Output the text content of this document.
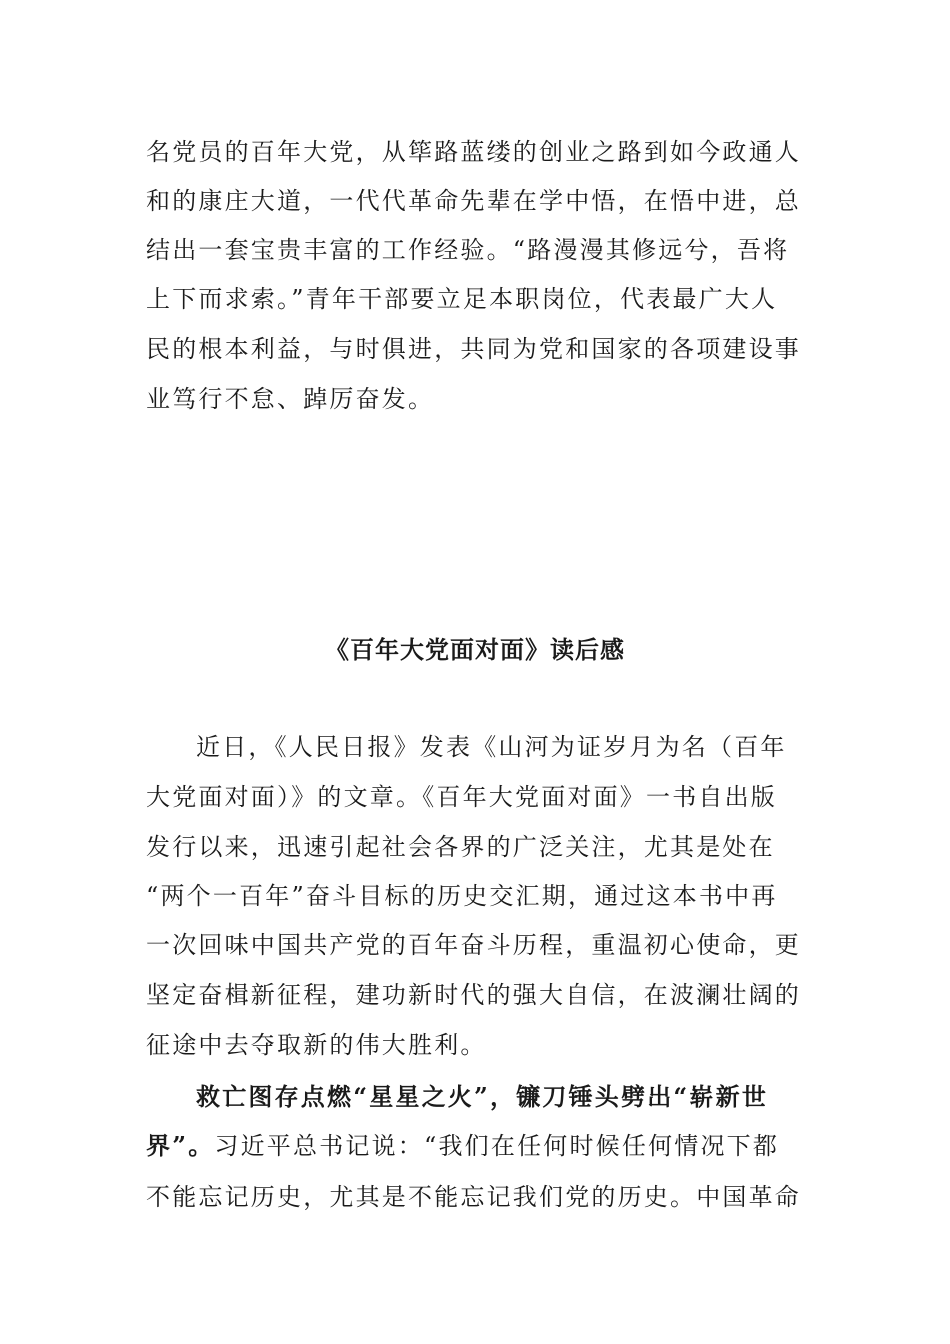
名党员的百年大党，从筚路蓝缕的创业之路到如今政通人
和的康庄大道，一代代革命先辈在学中悟，在悟中进，总
结出一套宝贵丰富的工作经验。“路漫漫其修远兮，吾将
上下而求索。”青年干部要立足本职岗位，代表最广大人
民的根本利益，与时俱进，共同为党和国家的各项建设事
业笃行不怠、踔厉奋发。
《百年大党面对面》读后感
近日，《人民日报》发表《山河为证岁月为名（百年
大党面对面）》的文章。《百年大党面对面》一书自出版
发行以来，迅速引起社会各界的广泛关注，尤其是处在
“两个一百年”奋斗目标的历史交汇期，通过这本书中再
一次回味中国共产党的百年奋斗历程，重温初心使命，更
坚定奋楫新征程，建功新时代的强大自信，在波澜壮阔的
征途中去夺取新的伟大胜利。
救亡图存点燃“星星之火”，镰刀锤头劈出“崭新世
界”。习近平总书记说：“我们在任何时候任何情况下都
不能忘记历史，尤其是不能忘记我们党的历史。中国革命
